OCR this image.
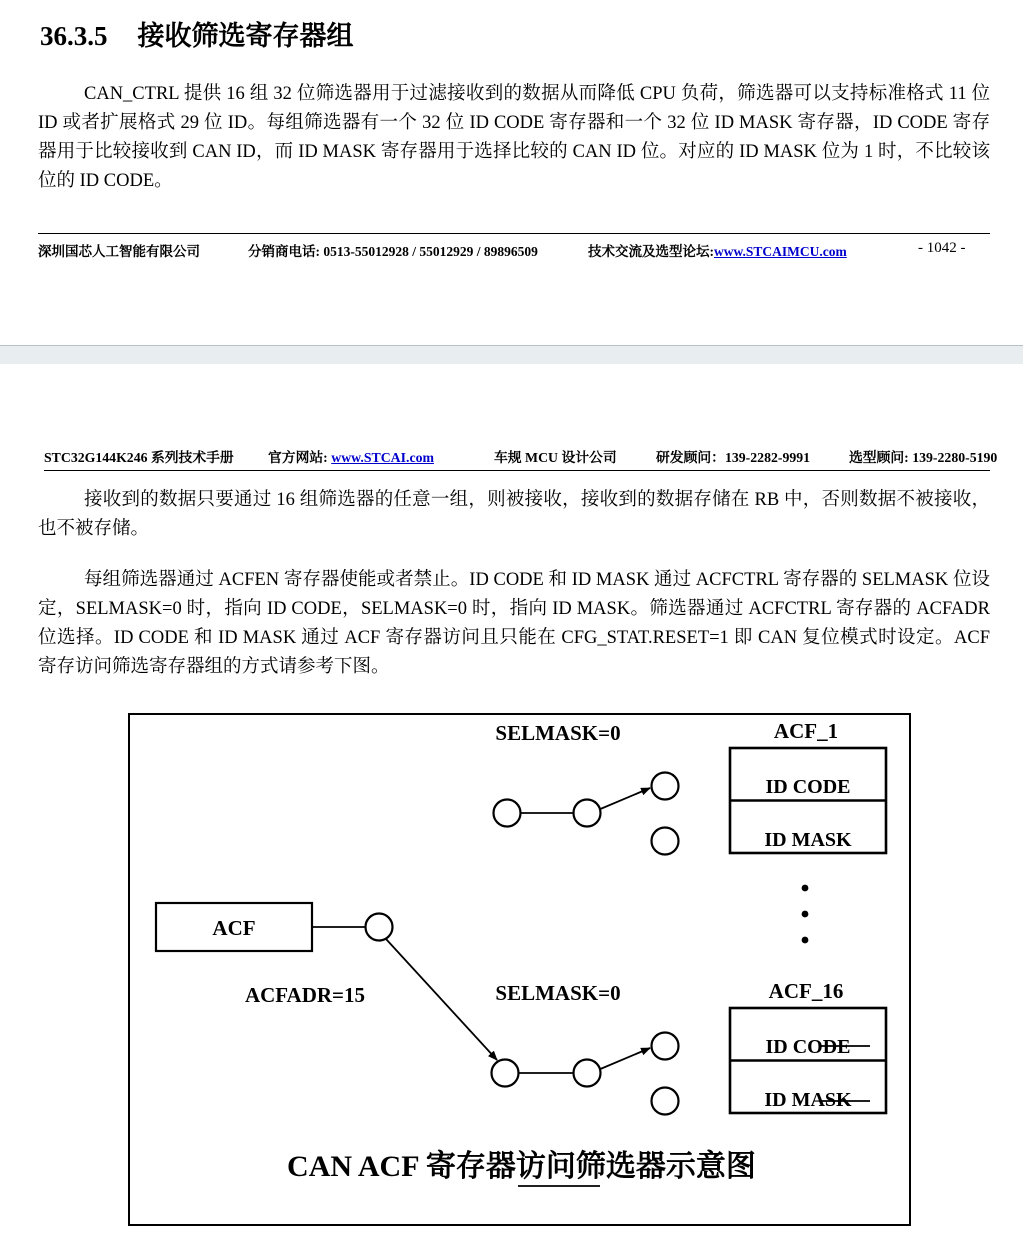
36.3.5 接收筛选寄存器组
CAN_CTRL 提供 16 组 32 位筛选器用于过滤接收到的数据从而降低 CPU 负荷，筛选器可以支持标准格式 11 位 ID 或者扩展格式 29 位 ID。每组筛选器有一个 32 位 ID CODE 寄存器和一个 32 位 ID MASK 寄存器，ID CODE 寄存器用于比较接收到 CAN ID，而 ID MASK 寄存器用于选择比较的 CAN ID 位。对应的 ID MASK 位为 1 时，不比较该位的 ID CODE。
深圳国芯人工智能有限公司	分销商电话: 0513-55012928 / 55012929 / 89896509	技术交流及选型论坛:www.STCAIMCU.com	- 1042 -
STC32G144K246 系列技术手册 官方网站: www.STCAI.com	车规 MCU 设计公司	研发顾问：139-2282-9991	选型顾问: 139-2280-5190
接收到的数据只要通过 16 组筛选器的任意一组，则被接收，接收到的数据存储在 RB 中，否则数据不被接收，也不被存储。
每组筛选器通过 ACFEN 寄存器使能或者禁止。ID CODE 和 ID MASK 通过 ACFCTRL 寄存器的 SELMASK 位设定，SELMASK=0 时，指向 ID CODE，SELMASK=0 时，指向 ID MASK。筛选器通过 ACFCTRL 寄存器的 ACFADR 位选择。ID CODE 和 ID MASK 通过 ACF 寄存器访问且只能在 CFG_STAT.RESET=1 即 CAN 复位模式时设定。ACF 寄存访问筛选寄存器组的方式请参考下图。
SELMASK=0	ACF_1
ID CODE
ID MASK
ACF
ACFADR=15	SELMASK=0	ACF_16
ID CODE
ID MASK
CAN ACF 寄存器访问筛选器示意图
